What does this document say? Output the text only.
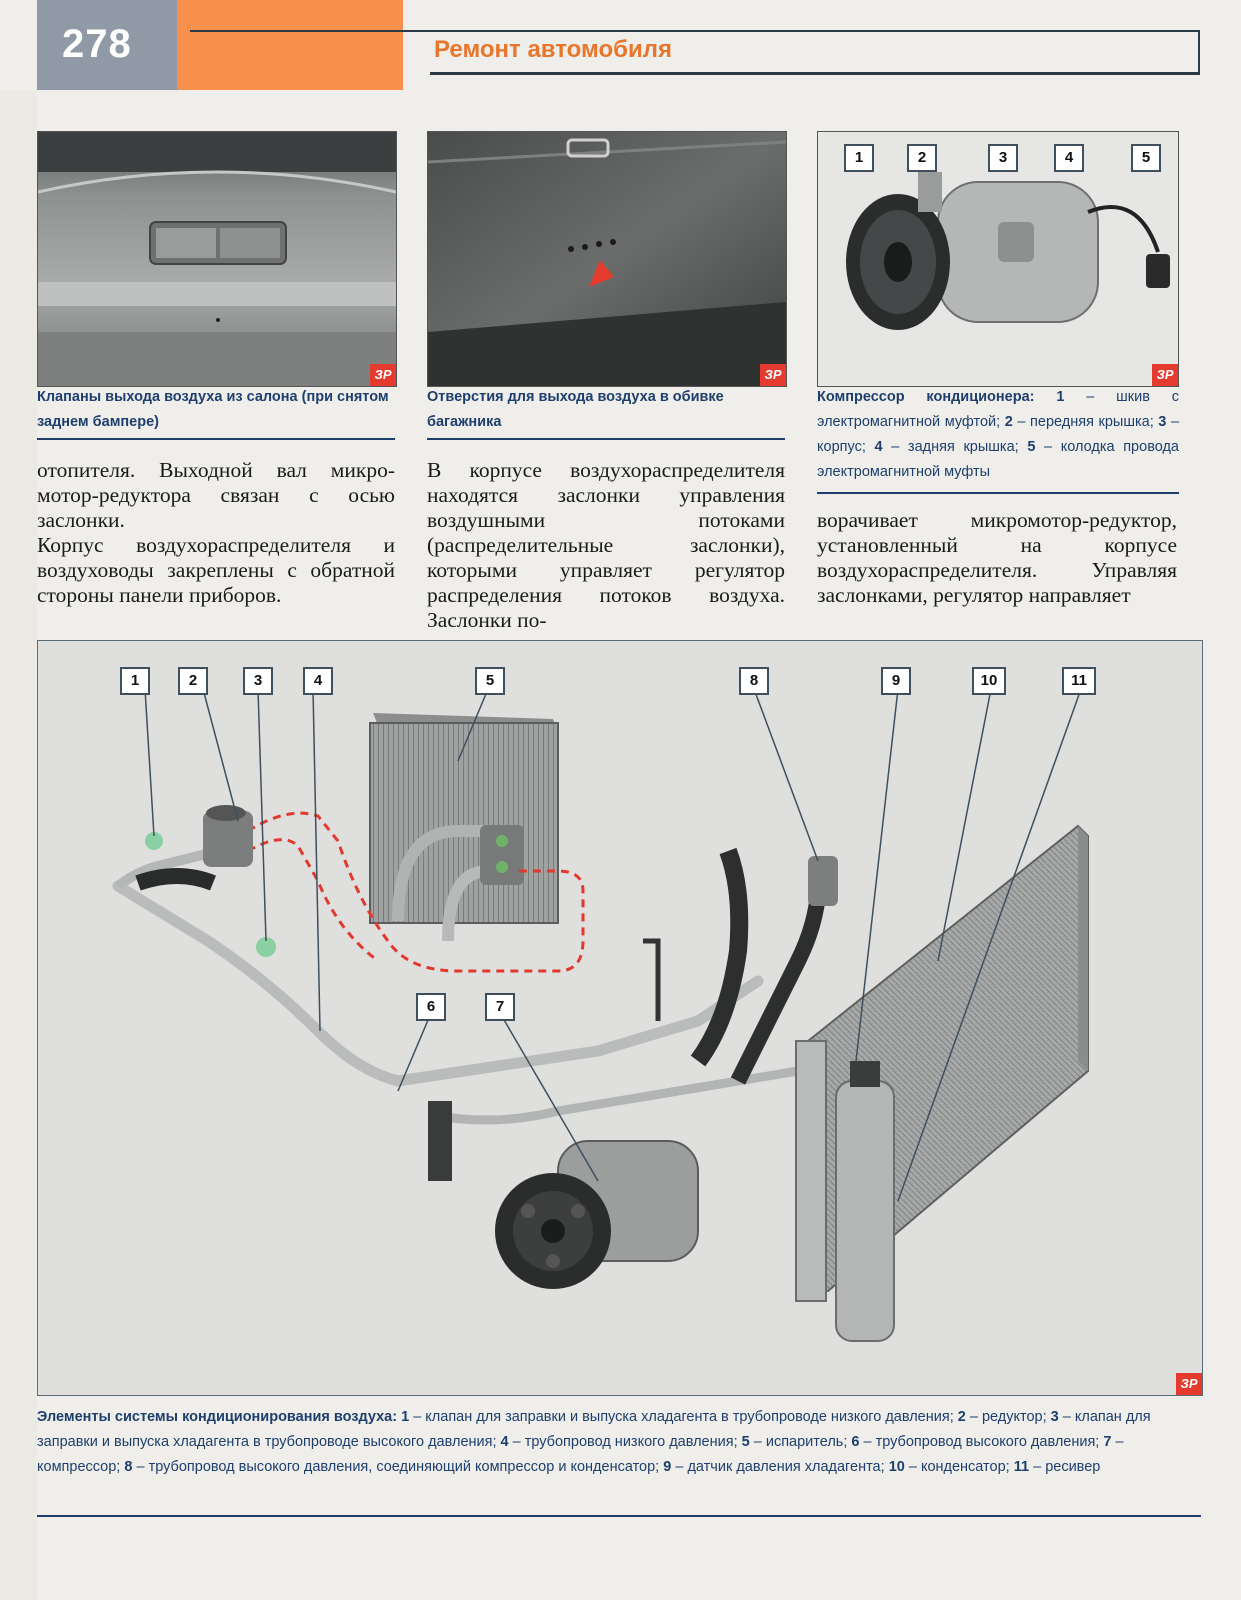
278	Ремонт автомобиля
ЗР
Клапаны выхода воздуха из салона (при снятом заднем бампере)
ЗР
Отверстия для выхода воздуха в обивке багажника
1	2	3	4	5
ЗР
Компрессор кондиционера: 1 – шкив с электромагнитной муфтой; 2 – передняя крышка; 3 – корпус; 4 – задняя крышка; 5 – колодка провода электромагнитной муфты

отопителя. Выходной вал микро-мотор-редуктора связан с осью заслонки.

Корпус воздухораспределителя и воздуховоды закреплены с обратной стороны панели приборов.

В корпусе воздухораспределителя находятся заслонки управления воздушными потоками (распределительные заслонки), которыми управляет регулятор распределения потоков воздуха. Заслонки по-

ворачивает микромотор-редуктор, установленный на корпусе воздухораспределителя. Управляя заслонками, регулятор направляет

1	2	3	4	5
6	7
8	9	10	11
ЗР
Элементы системы кондиционирования воздуха: 1 – клапан для заправки и выпуска хладагента в трубопроводе низкого давления; 2 – редуктор; 3 – клапан для заправки и выпуска хладагента в трубопроводе высокого давления; 4 – трубопровод низкого давления; 5 – испаритель; 6 – трубопровод высокого давления; 7 – компрессор; 8 – трубопровод высокого давления, соединяющий компрессор и конденсатор; 9 – датчик давления хладагента; 10 – конденсатор; 11 – ресивер
